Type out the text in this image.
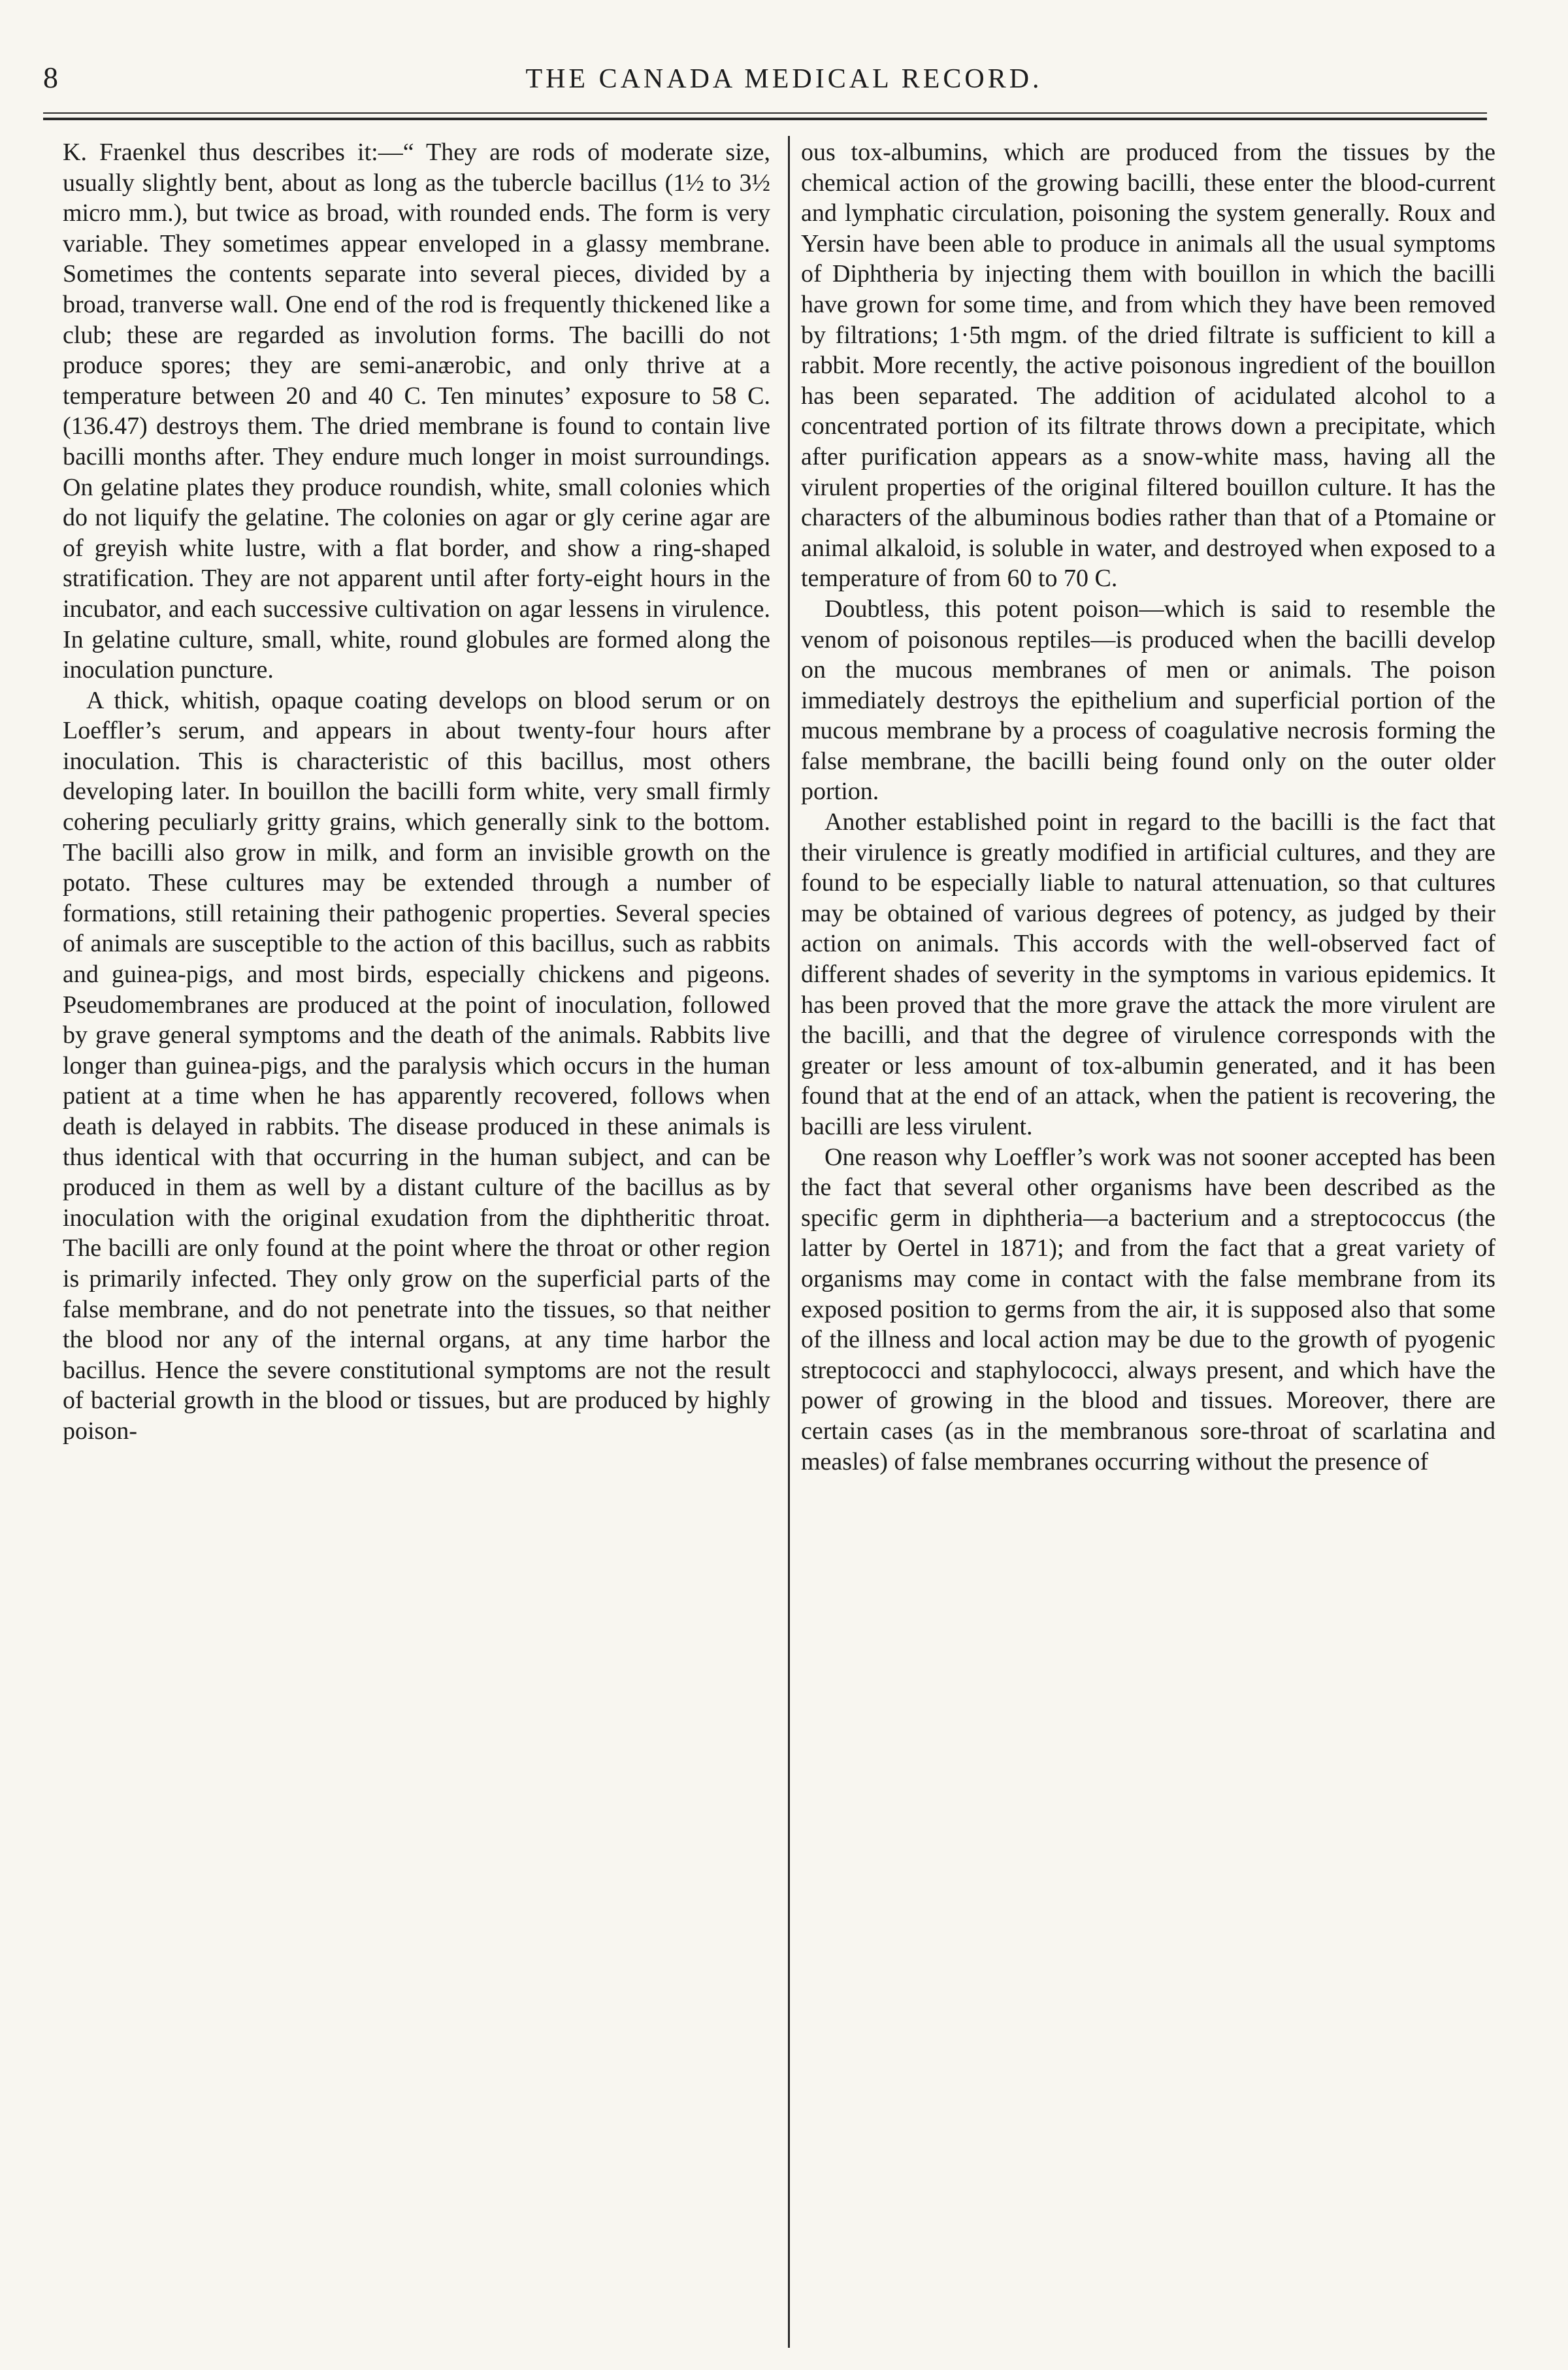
8	THE CANADA MEDICAL RECORD.

K. Fraenkel thus describes it:—“ They are rods of moderate size, usually slightly bent, about as long as the tubercle bacillus (1½ to 3½ micro mm.), but twice as broad, with rounded ends. The form is very variable. They sometimes appear enveloped in a glassy membrane. Sometimes the contents separate into several pieces, divided by a broad, tranverse wall. One end of the rod is frequently thickened like a club; these are regarded as involution forms. The bacilli do not produce spores; they are semi-anærobic, and only thrive at a temperature between 20 and 40 C. Ten minutes’ exposure to 58 C. (136.47) destroys them. The dried membrane is found to contain live bacilli months after. They endure much longer in moist surroundings. On gelatine plates they produce roundish, white, small colonies which do not liquify the gelatine. The colonies on agar or gly cerine agar are of greyish white lustre, with a flat border, and show a ring-shaped stratification. They are not apparent until after forty-eight hours in the incubator, and each successive cultivation on agar lessens in virulence. In gelatine culture, small, white, round globules are formed along the inoculation puncture.

A thick, whitish, opaque coating develops on blood serum or on Loeffler’s serum, and appears in about twenty-four hours after inoculation. This is characteristic of this bacillus, most others developing later. In bouillon the bacilli form white, very small firmly cohering peculiarly gritty grains, which generally sink to the bottom. The bacilli also grow in milk, and form an invisible growth on the potato. These cultures may be extended through a number of formations, still retaining their pathogenic properties. Several species of animals are susceptible to the action of this bacillus, such as rabbits and guinea-pigs, and most birds, especially chickens and pigeons. Pseudomembranes are produced at the point of inoculation, followed by grave general symptoms and the death of the animals. Rabbits live longer than guinea-pigs, and the paralysis which occurs in the human patient at a time when he has apparently recovered, follows when death is delayed in rabbits. The disease produced in these animals is thus identical with that occurring in the human subject, and can be produced in them as well by a distant culture of the bacillus as by inoculation with the original exudation from the diphtheritic throat. The bacilli are only found at the point where the throat or other region is primarily infected. They only grow on the superficial parts of the false membrane, and do not penetrate into the tissues, so that neither the blood nor any of the internal organs, at any time harbor the bacillus. Hence the severe constitutional symptoms are not the result of bacterial growth in the blood or tissues, but are produced by highly poison-

ous tox-albumins, which are produced from the tissues by the chemical action of the growing bacilli, these enter the blood-current and lymphatic circulation, poisoning the system generally. Roux and Yersin have been able to produce in animals all the usual symptoms of Diphtheria by injecting them with bouillon in which the bacilli have grown for some time, and from which they have been removed by filtrations; 1·5th mgm. of the dried filtrate is sufficient to kill a rabbit. More recently, the active poisonous ingredient of the bouillon has been separated. The addition of acidulated alcohol to a concentrated portion of its filtrate throws down a precipitate, which after purification appears as a snow-white mass, having all the virulent properties of the original filtered bouillon culture. It has the characters of the albuminous bodies rather than that of a Ptomaine or animal alkaloid, is soluble in water, and destroyed when exposed to a temperature of from 60 to 70 C.

Doubtless, this potent poison—which is said to resemble the venom of poisonous reptiles—is produced when the bacilli develop on the mucous membranes of men or animals. The poison immediately destroys the epithelium and superficial portion of the mucous membrane by a process of coagulative necrosis forming the false membrane, the bacilli being found only on the outer older portion.

Another established point in regard to the bacilli is the fact that their virulence is greatly modified in artificial cultures, and they are found to be especially liable to natural attenuation, so that cultures may be obtained of various degrees of potency, as judged by their action on animals. This accords with the well-observed fact of different shades of severity in the symptoms in various epidemics. It has been proved that the more grave the attack the more virulent are the bacilli, and that the degree of virulence corresponds with the greater or less amount of tox-albumin generated, and it has been found that at the end of an attack, when the patient is recovering, the bacilli are less virulent.

One reason why Loeffler’s work was not sooner accepted has been the fact that several other organisms have been described as the specific germ in diphtheria—a bacterium and a streptococcus (the latter by Oertel in 1871); and from the fact that a great variety of organisms may come in contact with the false membrane from its exposed position to germs from the air, it is supposed also that some of the illness and local action may be due to the growth of pyogenic streptococci and staphylococci, always present, and which have the power of growing in the blood and tissues. Moreover, there are certain cases (as in the membranous sore-throat of scarlatina and measles) of false membranes occurring without the presence of
